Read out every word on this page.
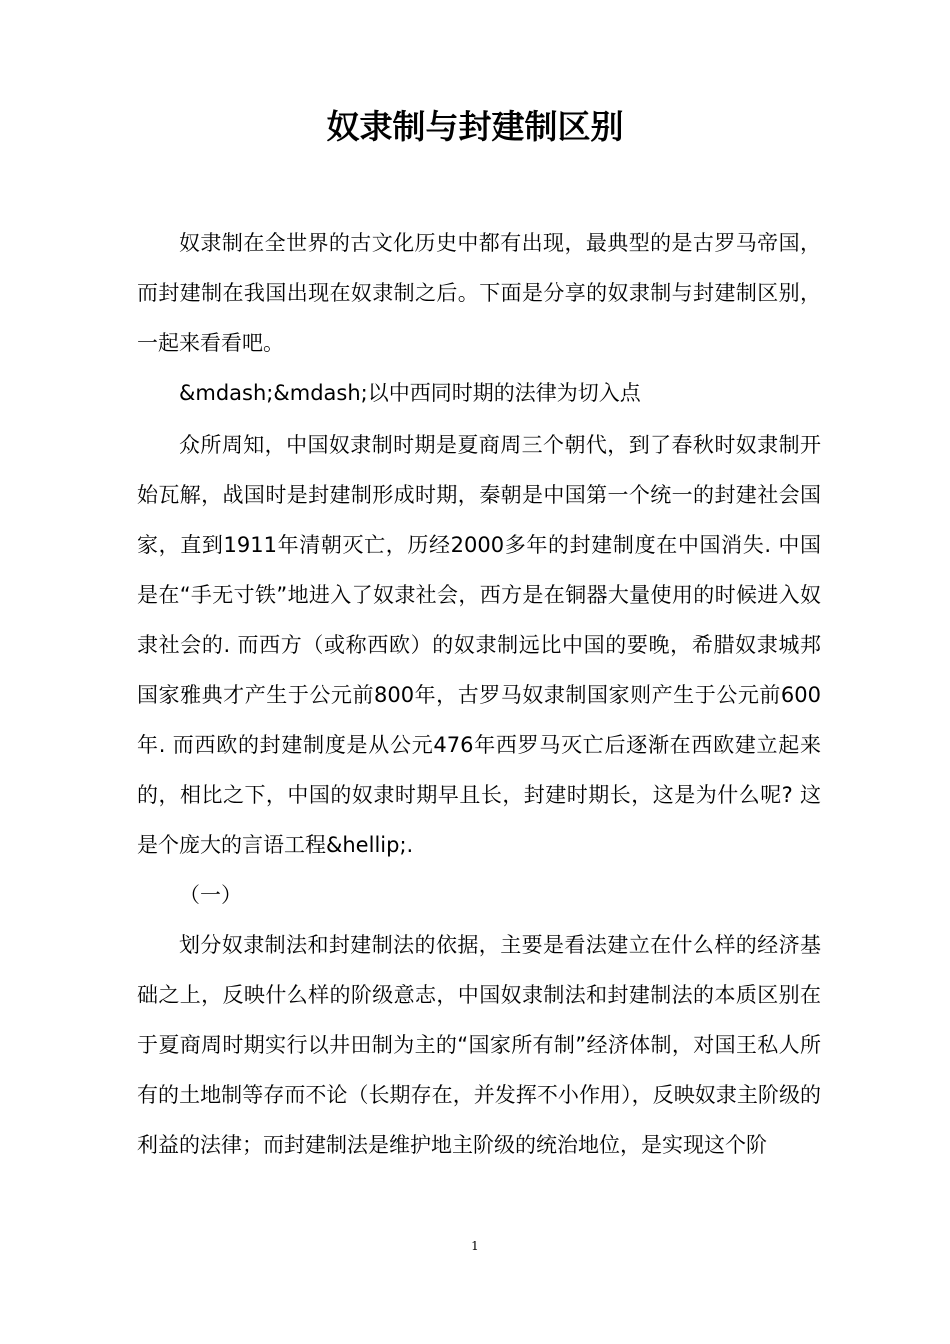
奴隶制与封建制区别

奴隶制在全世界的古文化历史中都有出现，最典型的是古罗马帝国，而封建制在我国出现在奴隶制之后。下面是分享的奴隶制与封建制区别，一起来看看吧。

&mdash;&mdash;以中西同时期的法律为切入点

众所周知，中国奴隶制时期是夏商周三个朝代，到了春秋时奴隶制开始瓦解，战国时是封建制形成时期，秦朝是中国第一个统一的封建社会国家，直到1911年清朝灭亡，历经2000多年的封建制度在中国消失. 中国是在“手无寸铁”地进入了奴隶社会，西方是在铜器大量使用的时候进入奴隶社会的. 而西方（或称西欧）的奴隶制远比中国的要晚，希腊奴隶城邦国家雅典才产生于公元前800年，古罗马奴隶制国家则产生于公元前600年. 而西欧的封建制度是从公元476年西罗马灭亡后逐渐在西欧建立起来的，相比之下，中国的奴隶时期早且长，封建时期长，这是为什么呢? 这是个庞大的言语工程&hellip;.

（一）

划分奴隶制法和封建制法的依据，主要是看法建立在什么样的经济基础之上，反映什么样的阶级意志，中国奴隶制法和封建制法的本质区别在于夏商周时期实行以井田制为主的“国家所有制”经济体制，对国王私人所有的土地制等存而不论（长期存在，并发挥不小作用），反映奴隶主阶级的利益的法律；而封建制法是维护地主阶级的统治地位，是实现这个阶

1
